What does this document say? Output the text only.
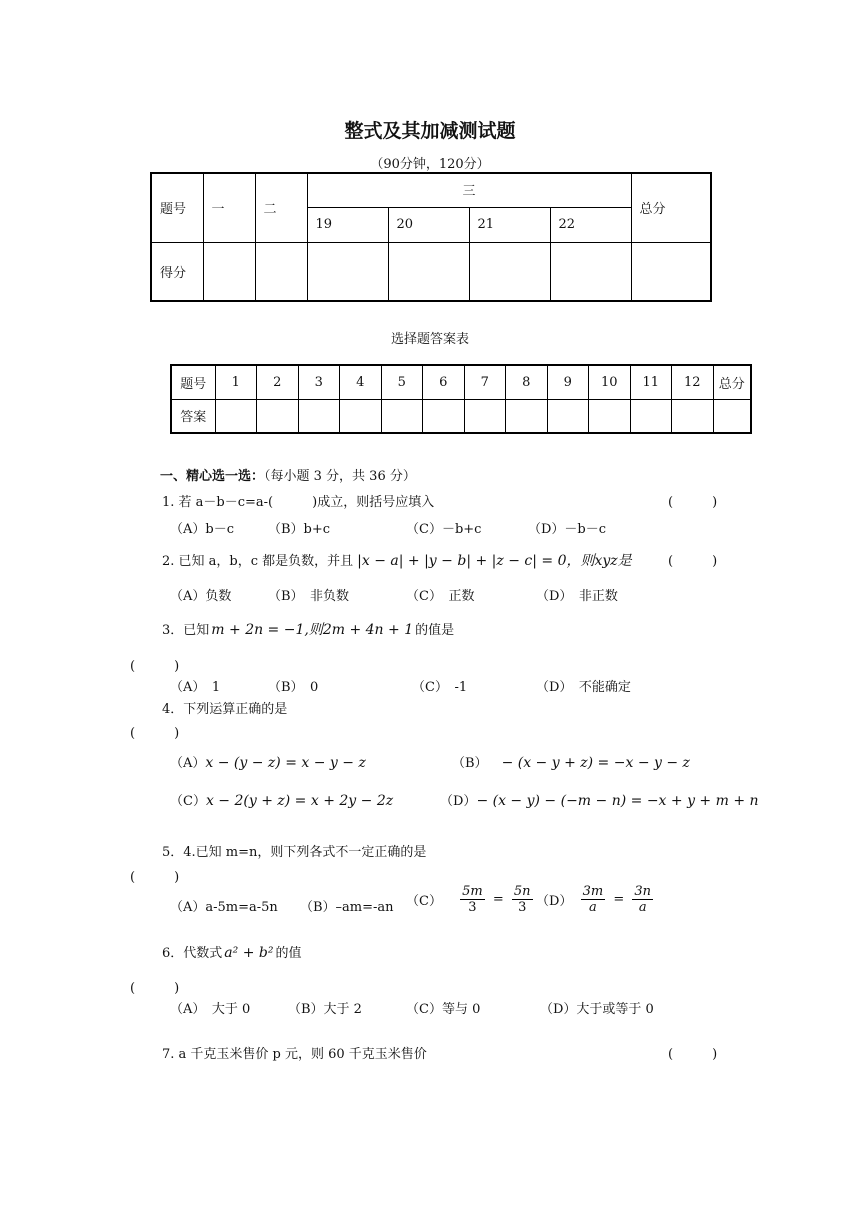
整式及其加减测试题
（90分钟，120分）
题号	一	二	三				总分
			19	20	21	22	
得分							
选择题答案表
题号	1	2	3	4	5	6	7	8	9	10	11	12	总分
答案													
一、精心选一选：（每小题 3 分，共 36 分）
1. 若 a－b－c=a-(　　　)成立，则括号应填入	(　　　)
（A）b－c	（B）b+c	（C）－b+c	（D）－b－c
2. 已知 a，b，c 都是负数，并且 |x − a| + |y − b| + |z − c| = 0，则xyz是	(　　　)
（A）负数	（B）　非负数	（C）　正数	（D）　非正数
3．已知 m + 2n = −1,则2m + 4n + 1 的值是
(　　　)
（A）　1	（B）　0	（C）　-1	（D）　不能确定
4．下列运算正确的是
(　　　)
（A）x − (y − z) = x − y − z	（B） − (x − y + z) = −x − y − z
（C）x − 2(y + z) = x + 2y − 2z	（D）− (x − y) − (−m − n) = −x + y + m + n
5．4.已知 m=n，则下列各式不一定正确的是
(　　　)
（A）a-5m=a-5n （B）–am=-an $(C) \frac{5m}{3} = \frac{5n}{3} (D) \frac{3m}{a} = \frac{3n}{a}$
6．代数式 a² + b² 的值
(　　　)
（A）　大于 0	（B）大于 2	（C）等与 0	（D）大于或等于 0
7. a 千克玉米售价 p 元，则 60 千克玉米售价	(　　　)
